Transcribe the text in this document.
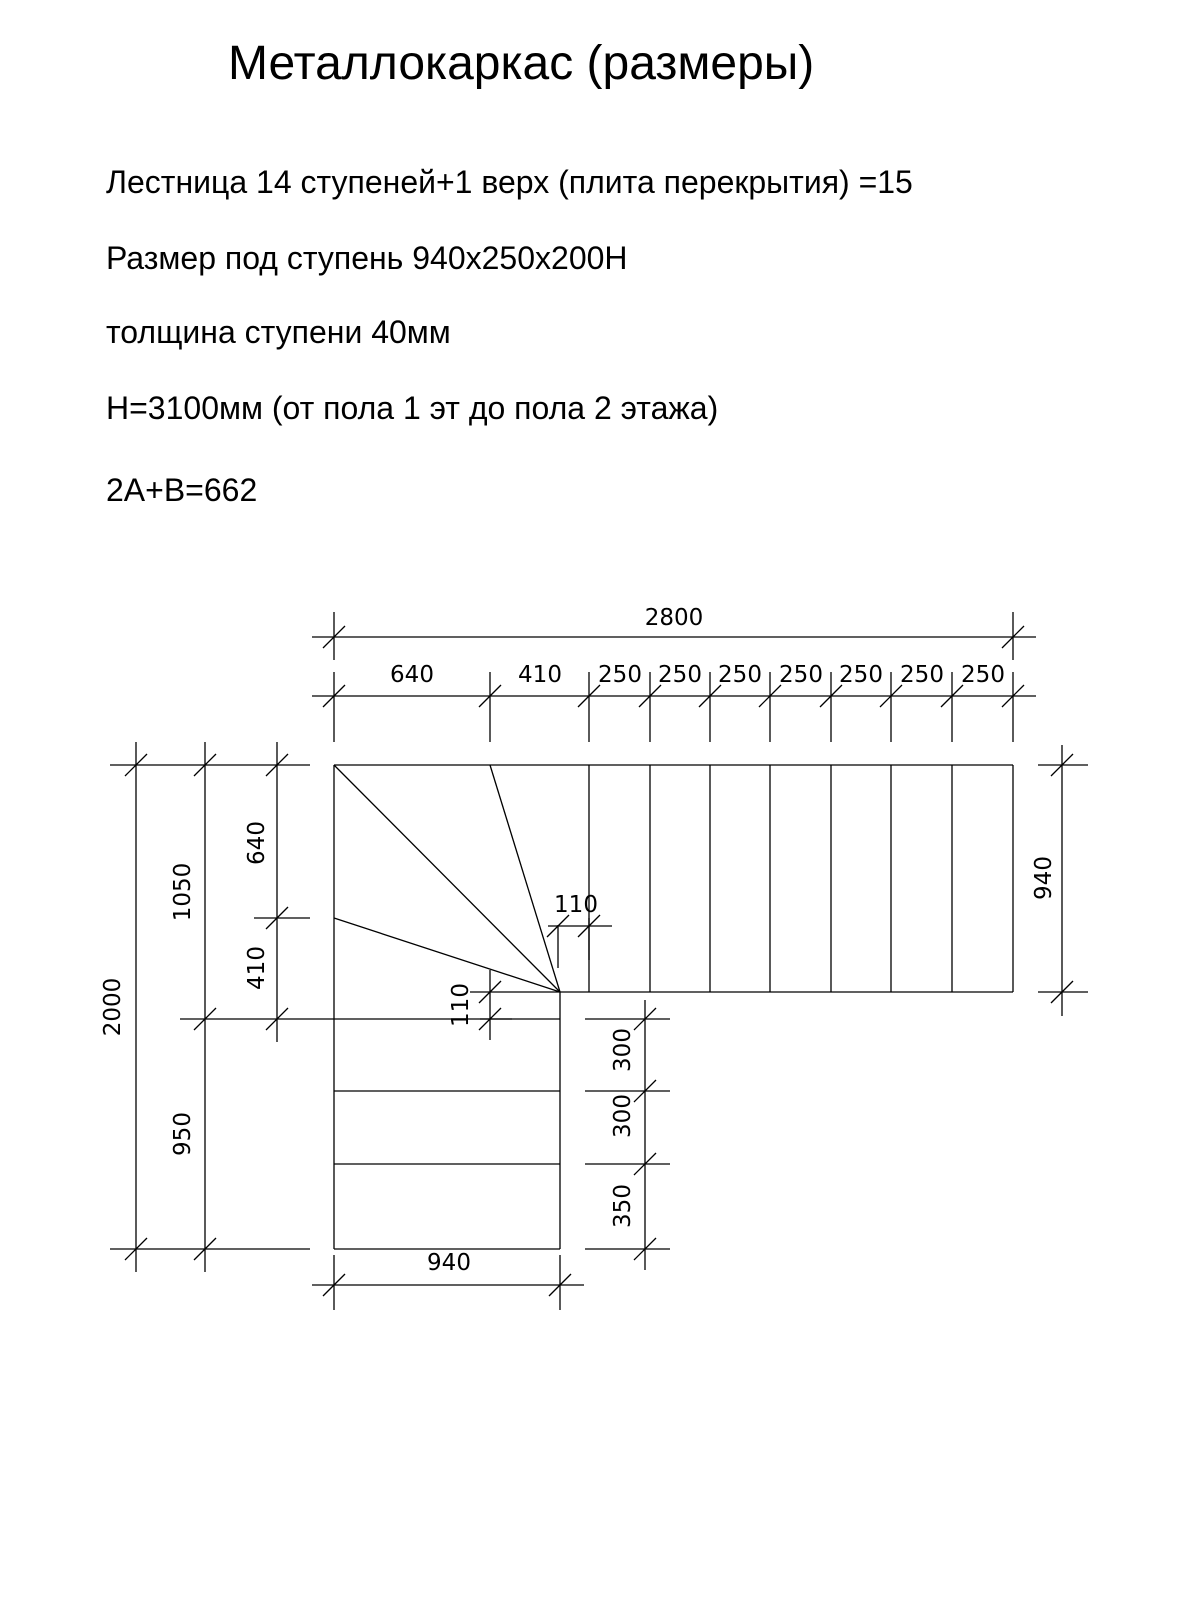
Металлокаркас (размеры)
Лестница 14 ступеней+1 верх (плита перекрытия) =15
Размер под ступень 940x250x200Н
толщина ступени 40мм
Н=3100мм (от пола 1 эт до пола 2 этажа)
2А+В=662
2800
640	410 250 250 250 250 250 250 250
940
2000
1050
950
640
410
110
110
300
300
350
940
